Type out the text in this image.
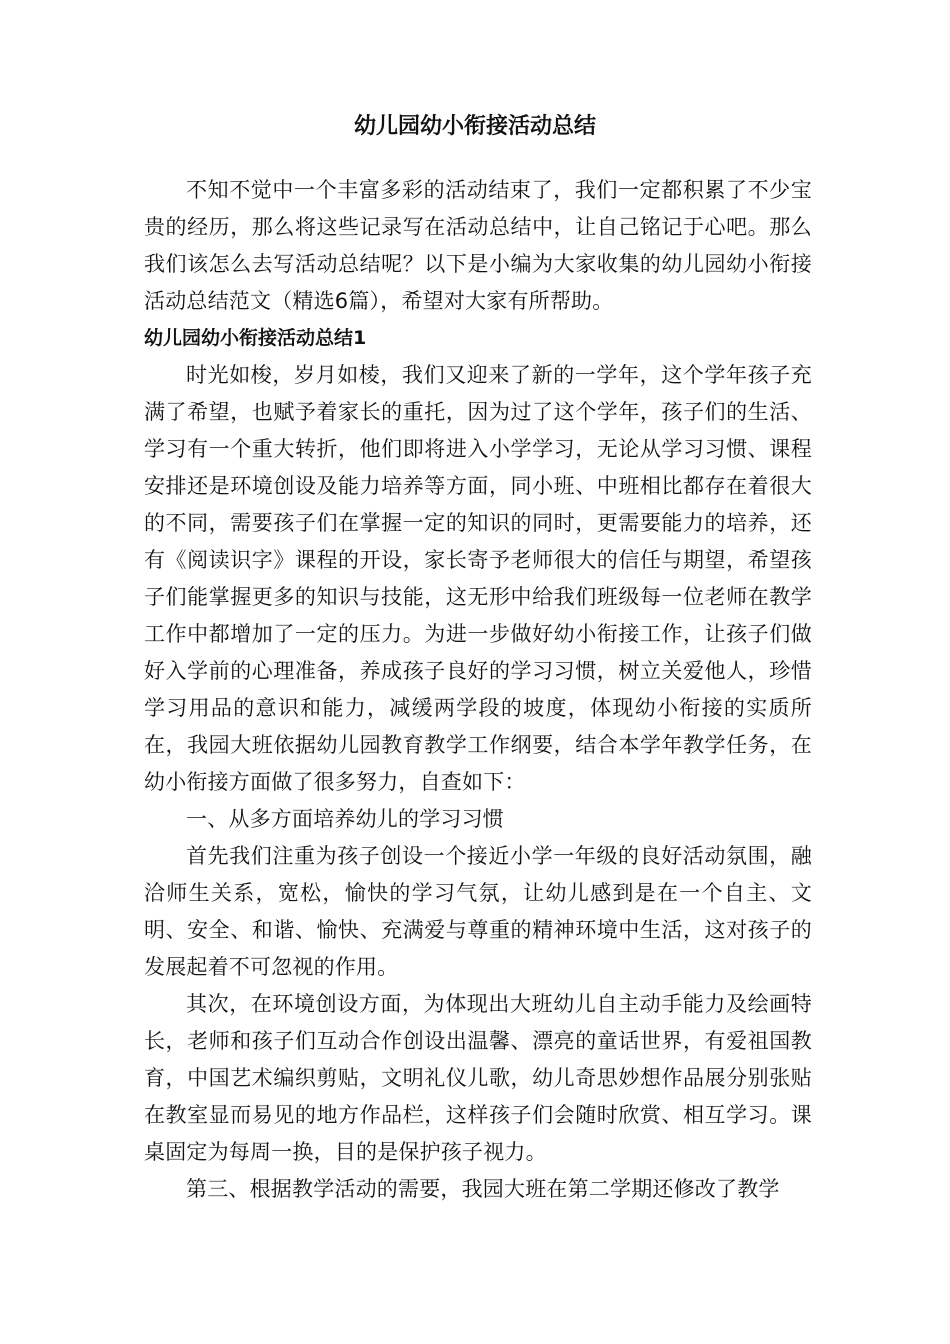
幼儿园幼小衔接活动总结

不知不觉中一个丰富多彩的活动结束了，我们一定都积累了不少宝贵的经历，那么将这些记录写在活动总结中，让自己铭记于心吧。那么我们该怎么去写活动总结呢？以下是小编为大家收集的幼儿园幼小衔接活动总结范文（精选6篇），希望对大家有所帮助。

幼儿园幼小衔接活动总结1

时光如梭，岁月如棱，我们又迎来了新的一学年，这个学年孩子充满了希望，也赋予着家长的重托，因为过了这个学年，孩子们的生活、学习有一个重大转折，他们即将进入小学学习，无论从学习习惯、课程安排还是环境创设及能力培养等方面，同小班、中班相比都存在着很大的不同，需要孩子们在掌握一定的知识的同时，更需要能力的培养，还有《阅读识字》课程的开设，家长寄予老师很大的信任与期望，希望孩子们能掌握更多的知识与技能，这无形中给我们班级每一位老师在教学工作中都增加了一定的压力。为进一步做好幼小衔接工作，让孩子们做好入学前的心理准备，养成孩子良好的学习习惯，树立关爱他人，珍惜学习用品的意识和能力，减缓两学段的坡度，体现幼小衔接的实质所在，我园大班依据幼儿园教育教学工作纲要，结合本学年教学任务，在幼小衔接方面做了很多努力，自查如下：

一、从多方面培养幼儿的学习习惯

首先我们注重为孩子创设一个接近小学一年级的良好活动氛围，融洽师生关系，宽松，愉快的学习气氛，让幼儿感到是在一个自主、文明、安全、和谐、愉快、充满爱与尊重的精神环境中生活，这对孩子的发展起着不可忽视的作用。

其次，在环境创设方面，为体现出大班幼儿自主动手能力及绘画特长，老师和孩子们互动合作创设出温馨、漂亮的童话世界，有爱祖国教育，中国艺术编织剪贴，文明礼仪儿歌，幼儿奇思妙想作品展分别张贴在教室显而易见的地方作品栏，这样孩子们会随时欣赏、相互学习。课桌固定为每周一换，目的是保护孩子视力。

第三、根据教学活动的需要，我园大班在第二学期还修改了教学
